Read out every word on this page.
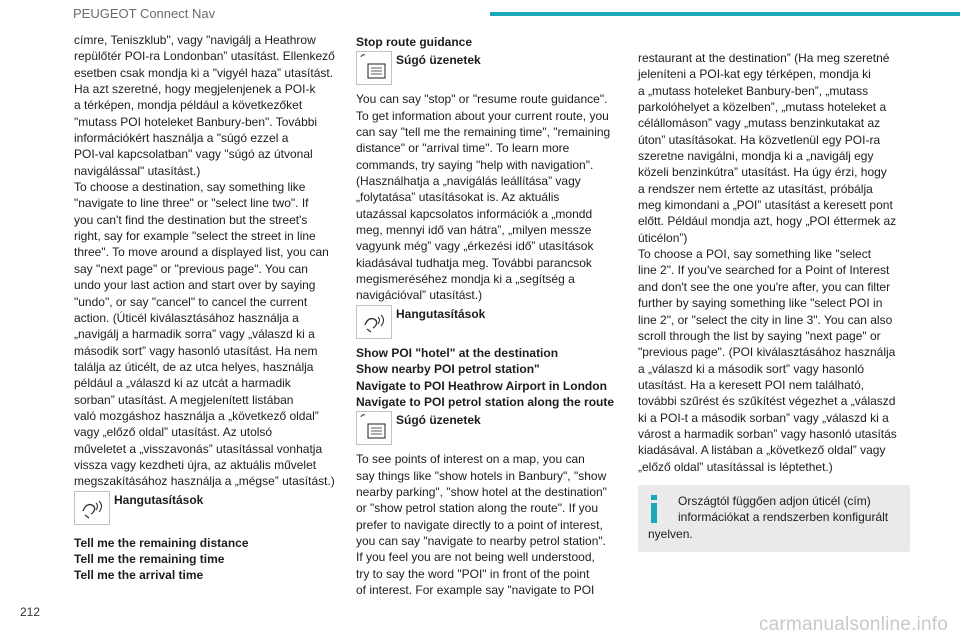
PEUGEOT Connect Nav

címre, Teniszklub", vagy "navigálj a Heathrow
repülőtér POI-ra Londonban” utasítást. Ellenkező
esetben csak mondja ki a "vigyél haza” utasítást.
Ha azt szeretné, hogy megjelenjenek a POI-k
a térképen, mondja például a következőket
"mutass POI hoteleket Banbury-ben". További
információkért használja a "súgó ezzel a
POI-val kapcsolatban" vagy "súgó az útvonal
navigálással" utasítást.)
To choose a destination, say something like
"navigate to line three" or "select line two". If
you can't find the destination but the street's
right, say for example "select the street in line
three". To move around a displayed list, you can
say "next page" or "previous page". You can
undo your last action and start over by saying
"undo", or say "cancel" to cancel the current
action. (Úticél kiválasztásához használja a
„navigálj a harmadik sorra” vagy „válaszd ki a
második sort” vagy hasonló utasítást. Ha nem
találja az úticélt, de az utca helyes, használja
például a „válaszd ki az utcát a harmadik
sorban” utasítást. A megjelenített listában
való mozgáshoz használja a „következő oldal”
vagy „előző oldal” utasítást. Az utolsó
műveletet a „visszavonás” utasítással vonhatja
vissza vagy kezdheti újra, az aktuális művelet
megszakításához használja a „mégse” utasítást.)

Hangutasítások

Tell me the remaining distance
Tell me the remaining time
Tell me the arrival time

Stop route guidance

Súgó üzenetek

You can say "stop" or "resume route guidance".
To get information about your current route, you
can say "tell me the remaining time", "remaining
distance" or "arrival time". To learn more
commands, try saying "help with navigation".
(Használhatja a „navigálás leállítása” vagy
„folytatása” utasításokat is. Az aktuális
utazással kapcsolatos információk a „mondd
meg, mennyi idő van hátra”, „milyen messze
vagyunk még” vagy „érkezési idő” utasítások
kiadásával tudhatja meg. További parancsok
megismeréséhez mondja ki a „segítség a
navigációval” utasítást.)

Hangutasítások

Show POI "hotel" at the destination
Show nearby POI petrol station"
Navigate to POI Heathrow Airport in London
Navigate to POI petrol station along the route

Súgó üzenetek

To see points of interest on a map, you can
say things like "show hotels in Banbury", "show
nearby parking", "show hotel at the destination"
or "show petrol station along the route". If you
prefer to navigate directly to a point of interest,
you can say "navigate to nearby petrol station".
If you feel you are not being well understood,
try to say the word "POI" in front of the point
of interest. For example say "navigate to POI

restaurant at the destination” (Ha meg szeretné
jeleníteni a POI-kat egy térképen, mondja ki
a „mutass hoteleket Banbury-ben”, „mutass
parkolóhelyet a közelben”, „mutass hoteleket a
célállomáson” vagy „mutass benzinkutakat az
úton” utasításokat. Ha közvetlenül egy POI-ra
szeretne navigálni, mondja ki a „navigálj egy
közeli benzinkútra” utasítást. Ha úgy érzi, hogy
a rendszer nem értette az utasítást, próbálja
meg kimondani a „POI” utasítást a keresett pont
előtt. Például mondja azt, hogy „POI éttermek az
úticélon”)
To choose a POI, say something like "select
line 2". If you've searched for a Point of Interest
and don't see the one you're after, you can filter
further by saying something like "select POI in
line 2", or "select the city in line 3". You can also
scroll through the list by saying "next page" or
"previous page". (POI kiválasztásához használja
a „válaszd ki a második sort” vagy hasonló
utasítást. Ha a keresett POI nem található,
további szűrést és szűkítést végezhet a „válaszd
ki a POI-t a második sorban” vagy „válaszd ki a
várost a harmadik sorban” vagy hasonló utasítás
kiadásával. A listában a „következő oldal” vagy
„előző oldal” utasítással is léptethet.)

Országtól függően adjon úticél (cím)
információkat a rendszerben konfigurált
nyelven.
212
carmanualsonline.info
